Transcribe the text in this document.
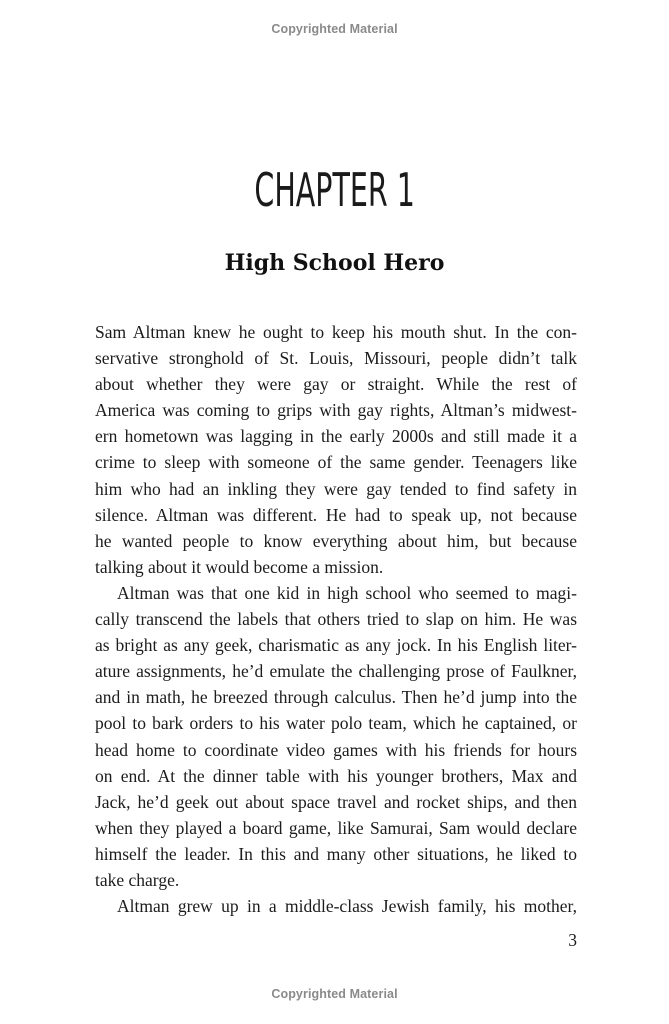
Copyrighted Material
CHAPTER 1
High School Hero

Sam Altman knew he ought to keep his mouth shut. In the con-
servative stronghold of St. Louis, Missouri, people didn’t talk
about whether they were gay or straight. While the rest of
America was coming to grips with gay rights, Altman’s midwest-
ern hometown was lagging in the early 2000s and still made it a
crime to sleep with someone of the same gender. Teenagers like
him who had an inkling they were gay tended to find safety in
silence. Altman was different. He had to speak up, not because
he wanted people to know everything about him, but because
talking about it would become a mission.

Altman was that one kid in high school who seemed to magi-
cally transcend the labels that others tried to slap on him. He was
as bright as any geek, charismatic as any jock. In his English liter-
ature assignments, he’d emulate the challenging prose of Faulkner,
and in math, he breezed through calculus. Then he’d jump into the
pool to bark orders to his water polo team, which he captained, or
head home to coordinate video games with his friends for hours
on end. At the dinner table with his younger brothers, Max and
Jack, he’d geek out about space travel and rocket ships, and then
when they played a board game, like Samurai, Sam would declare
himself the leader. In this and many other situations, he liked to
take charge.

Altman grew up in a middle-class Jewish family, his mother,

3
Copyrighted Material
